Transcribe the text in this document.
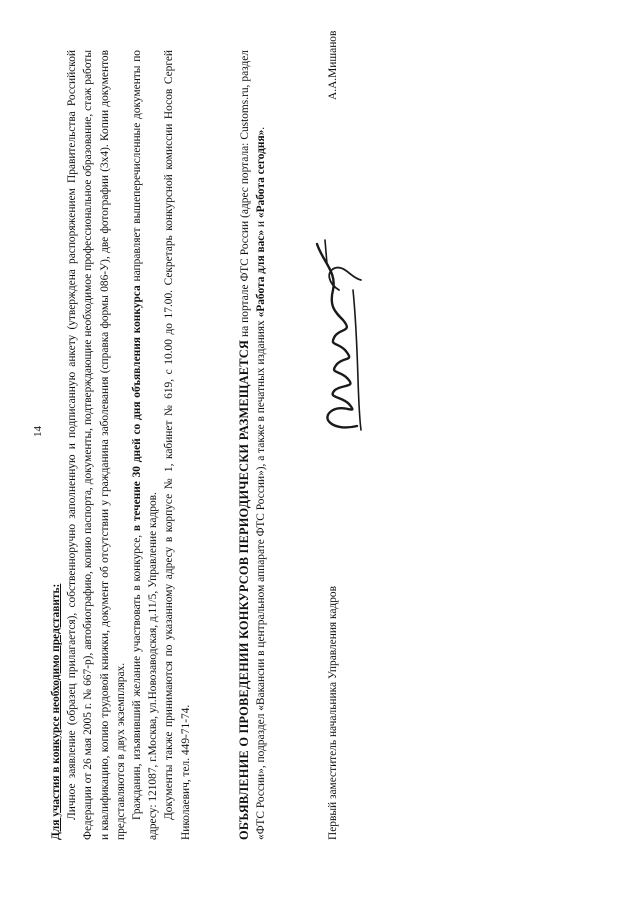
14

Для участия в конкурсе необходимо представить: Личное заявление (образец прилагается), собственноручно заполненную и подписанную анкету (утверждена распоряжением Правительства Российской Федерации от 26 мая 2005 г. № 667-р), автобиографию, копию паспорта, документы, подтверждающие необходимое профессиональное образование, стаж работы и квалификацию, копию трудовой книжки, документ об отсутствии у гражданина заболевания (справка формы 086-У), две фотографии (3х4). Копии документов представляются в двух экземплярах. Гражданин, изъявивший желание участвовать в конкурсе, в течение 30 дней со дня объявления конкурса направляет вышеперечисленные документы по адресу: 121087, г.Москва, ул.Новозаводская, д.11/5, Управление кадров. Документы также принимаются по указанному адресу в корпусе № 1, кабинет № 619, с 10.00 до 17.00. Секретарь конкурсной комиссии Носов Сергей Николаевич, тел. 449-71-74.	ОБЪЯВЛЕНИЕ О ПРОВЕДЕНИИ КОНКУРСОВ ПЕРИОДИЧЕСКИ РАЗМЕЩАЕТСЯ на портале ФТС России (адрес портала: Customs.ru, раздел «ФТС России», подраздел «Вакансии в центральном аппарате ФТС России»), а также в печатных изданиях «Работа для вас» и «Работа сегодня».

Первый заместитель начальника Управления кадров
А.А.Мишанов
